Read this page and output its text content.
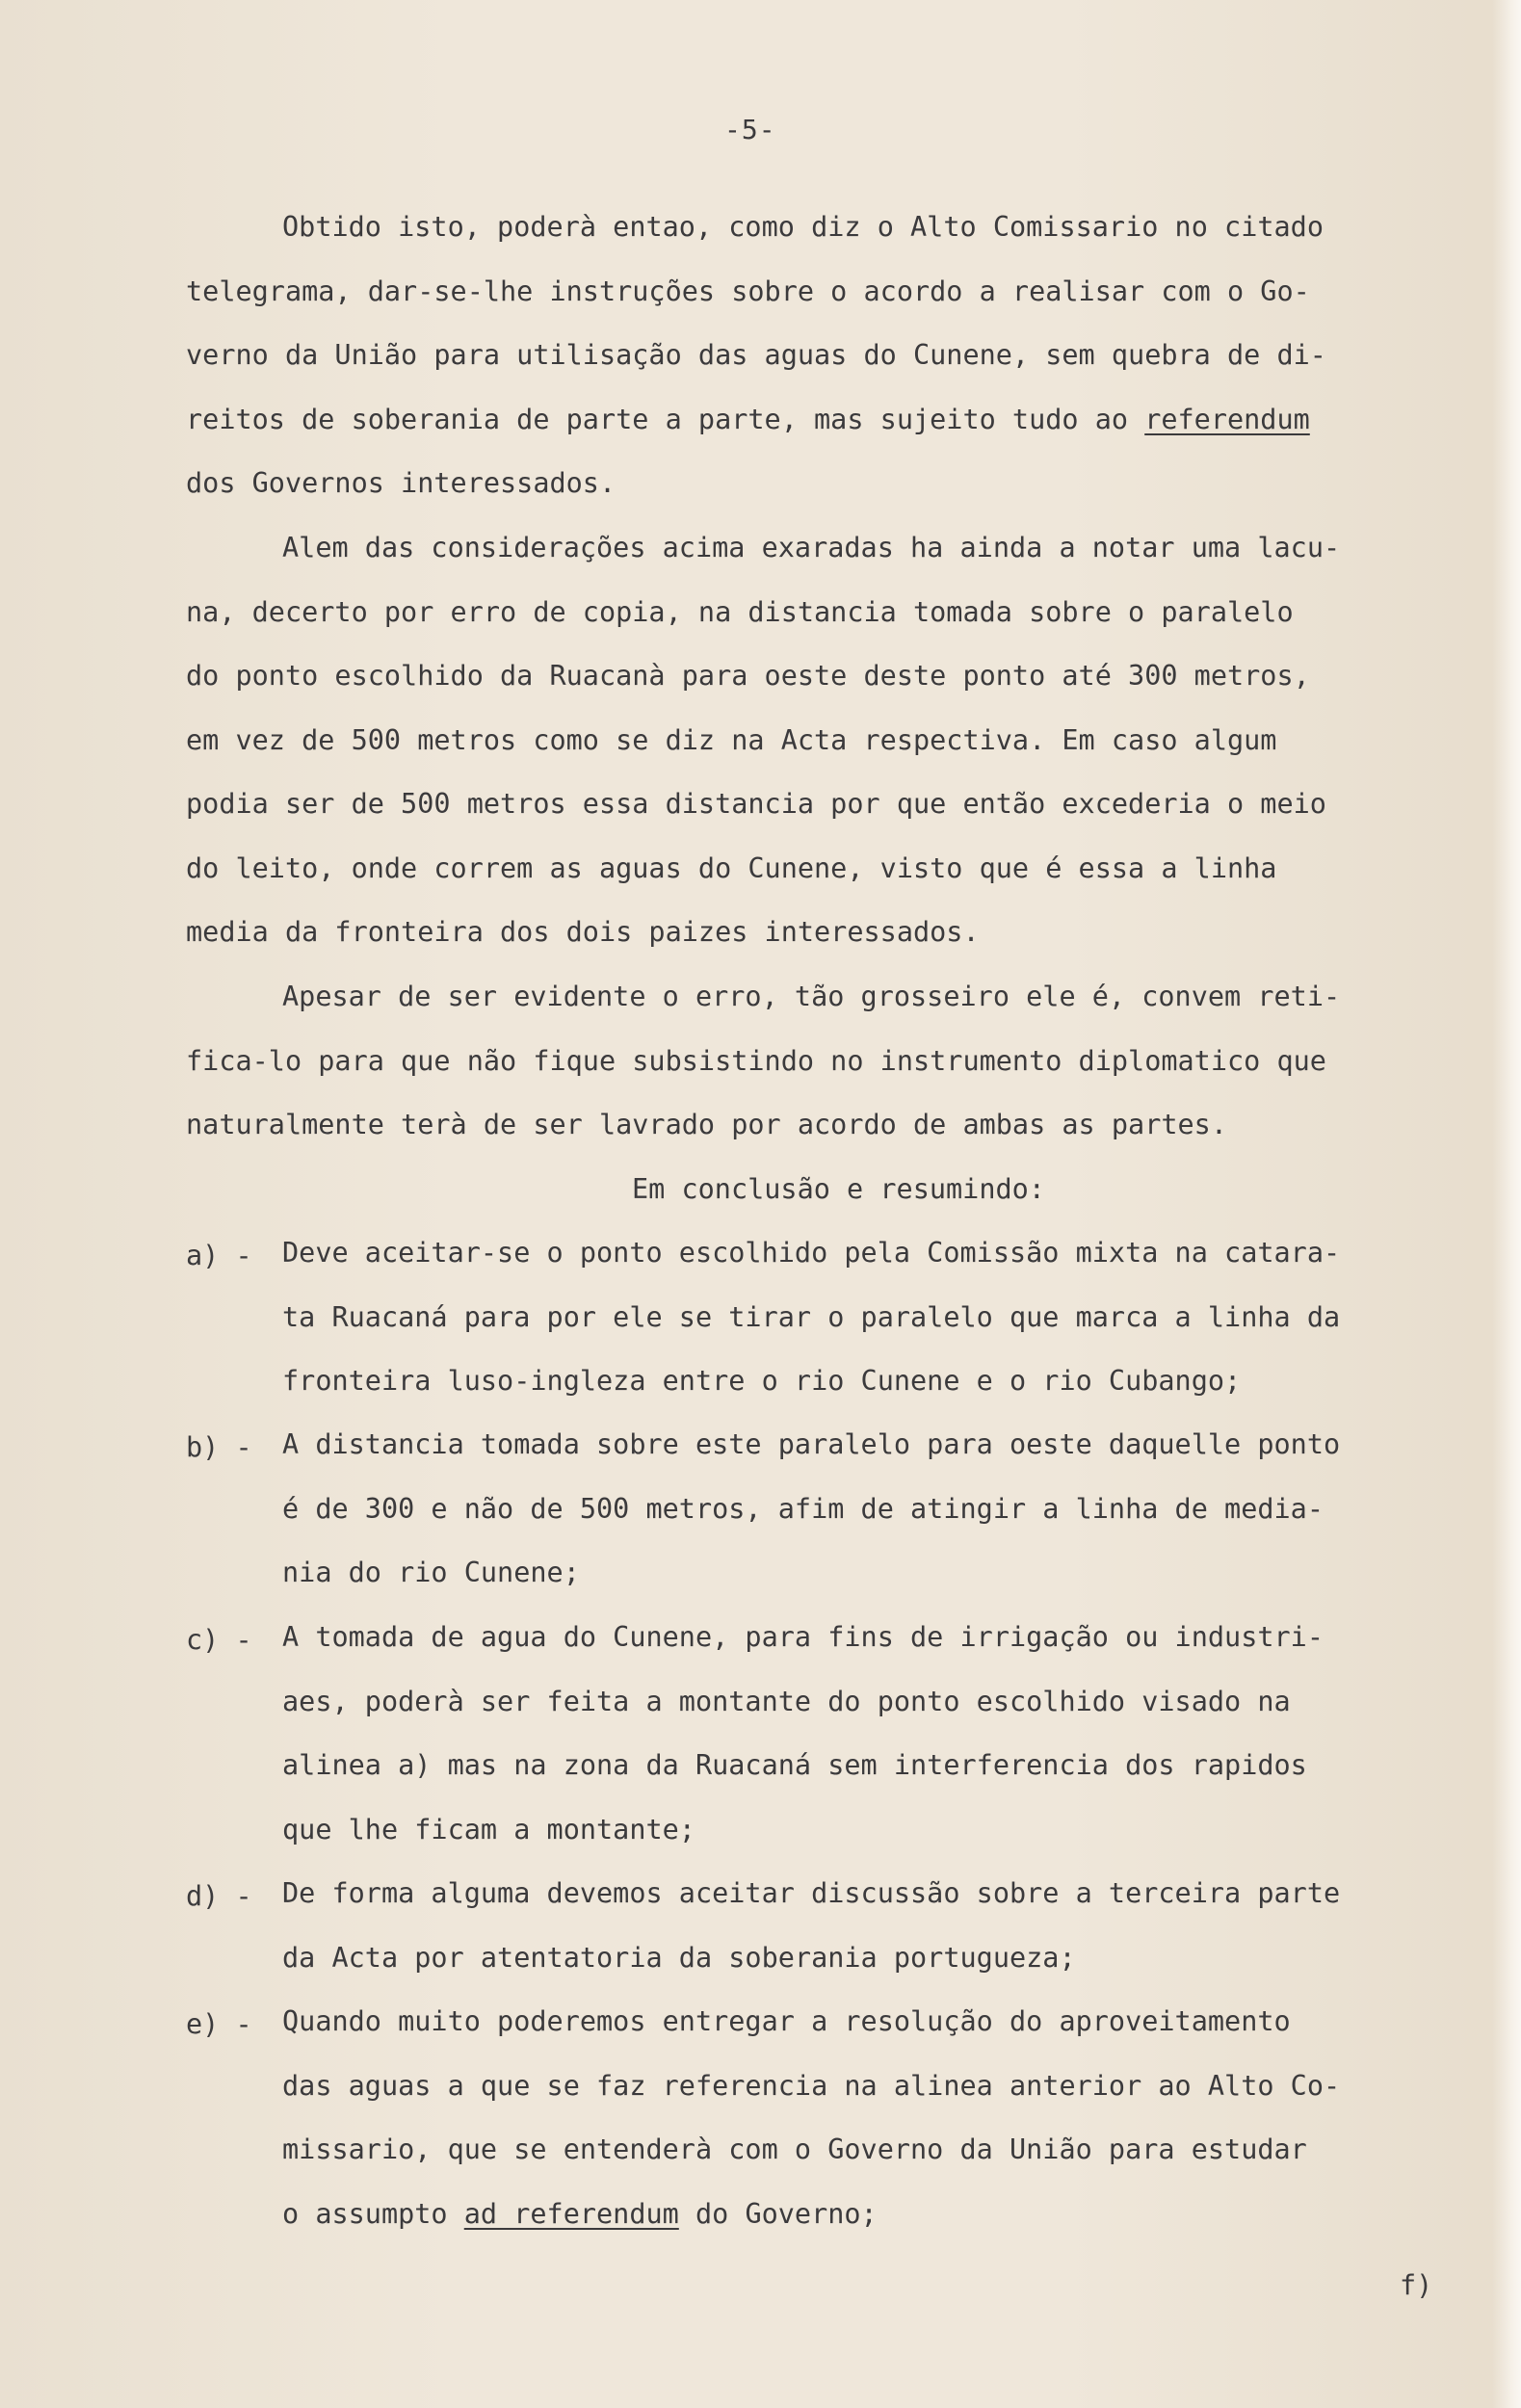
-5-
Obtido isto, poderà entao, como diz o Alto Comissario no citado
telegrama, dar-se-lhe instruções sobre o acordo a realisar com o Go-
verno da União para utilisação das aguas do Cunene, sem quebra de di-
reitos de soberania de parte a parte, mas sujeito tudo ao referendum
dos Governos interessados.
Alem das considerações acima exaradas ha ainda a notar uma lacu-
na, decerto por erro de copia, na distancia tomada sobre o paralelo
do ponto escolhido da Ruacanà para oeste deste ponto até 300 metros,
em vez de 500 metros como se diz na Acta respectiva. Em caso algum
podia ser de 500 metros essa distancia por que então excederia o meio
do leito, onde correm as aguas do Cunene, visto que é essa a linha
media da fronteira dos dois paizes interessados.
Apesar de ser evidente o erro, tão grosseiro ele é, convem reti-
fica-lo para que não fique subsistindo no instrumento diplomatico que
naturalmente terà de ser lavrado por acordo de ambas as partes.
Em conclusão e resumindo:
a) - Deve aceitar-se o ponto escolhido pela Comissão mixta na catara-
ta Ruacaná para por ele se tirar o paralelo que marca a linha da
fronteira luso-ingleza entre o rio Cunene e o rio Cubango;
b) - A distancia tomada sobre este paralelo para oeste daquelle ponto
é de 300 e não de 500 metros, afim de atingir a linha de media-
nia do rio Cunene;
c) - A tomada de agua do Cunene, para fins de irrigação ou industri-
aes, poderà ser feita a montante do ponto escolhido visado na
alinea a) mas na zona da Ruacaná sem interferencia dos rapidos
que lhe ficam a montante;
d) - De forma alguma devemos aceitar discussão sobre a terceira parte
da Acta por atentatoria da soberania portugueza;
e) - Quando muito poderemos entregar a resolução do aproveitamento
das aguas a que se faz referencia na alinea anterior ao Alto Co-
missario, que se entenderà com o Governo da União para estudar
o assumpto ad referendum do Governo;
f)
